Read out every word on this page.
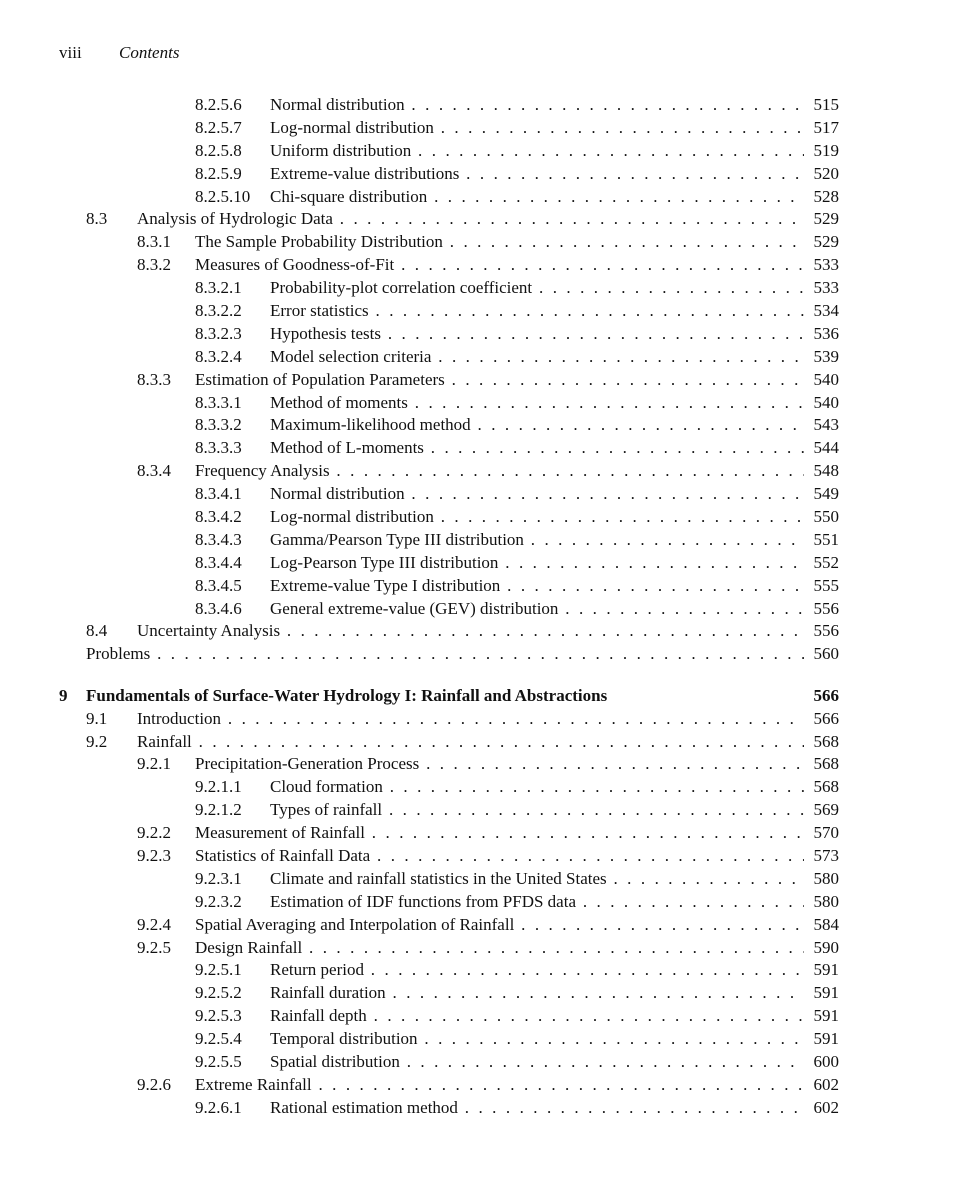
viii Contents
8.2.5.6 Normal distribution . . .	515
8.2.5.7 Log-normal distribution . . .	517
8.2.5.8 Uniform distribution . . .	519
8.2.5.9 Extreme-value distributions . . .	520
8.2.5.10 Chi-square distribution . . .	528
8.3 Analysis of Hydrologic Data . . .	529
8.3.1 The Sample Probability Distribution . . .	529
8.3.2 Measures of Goodness-of-Fit . . .	533
8.3.2.1 Probability-plot correlation coefficient . . .	533
8.3.2.2 Error statistics . . .	534
8.3.2.3 Hypothesis tests . . .	536
8.3.2.4 Model selection criteria . . .	539
8.3.3 Estimation of Population Parameters . . .	540
8.3.3.1 Method of moments . . .	540
8.3.3.2 Maximum-likelihood method . . .	543
8.3.3.3 Method of L-moments . . .	544
8.3.4 Frequency Analysis . . .	548
8.3.4.1 Normal distribution . . .	549
8.3.4.2 Log-normal distribution . . .	550
8.3.4.3 Gamma/Pearson Type III distribution . . .	551
8.3.4.4 Log-Pearson Type III distribution . . .	552
8.3.4.5 Extreme-value Type I distribution . . .	555
8.3.4.6 General extreme-value (GEV) distribution . . .	556
8.4 Uncertainty Analysis . . .	556
Problems . . .	560
9 Fundamentals of Surface-Water Hydrology I: Rainfall and Abstractions	566
9.1 Introduction . . .	566
9.2 Rainfall . . .	568
9.2.1 Precipitation-Generation Process . . .	568
9.2.1.1 Cloud formation . . .	568
9.2.1.2 Types of rainfall . . .	569
9.2.2 Measurement of Rainfall . . .	570
9.2.3 Statistics of Rainfall Data . . .	573
9.2.3.1 Climate and rainfall statistics in the United States . . .	580
9.2.3.2 Estimation of IDF functions from PFDS data . . .	580
9.2.4 Spatial Averaging and Interpolation of Rainfall . . .	584
9.2.5 Design Rainfall . . .	590
9.2.5.1 Return period . . .	591
9.2.5.2 Rainfall duration . . .	591
9.2.5.3 Rainfall depth . . .	591
9.2.5.4 Temporal distribution . . .	591
9.2.5.5 Spatial distribution . . .	600
9.2.6 Extreme Rainfall . . .	602
9.2.6.1 Rational estimation method . . .	602
